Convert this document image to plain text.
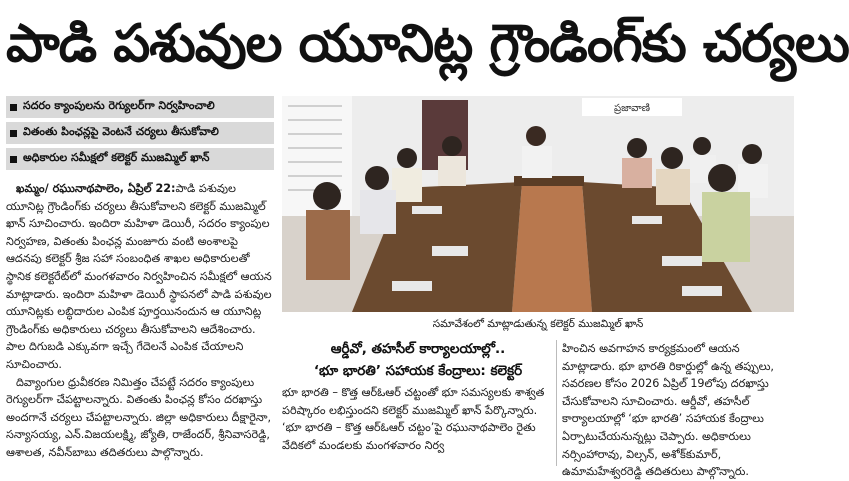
పాడి పశువుల యూనిట్ల గ్రౌండింగ్‌కు చర్యలు
సదరం క్యాంపులను రెగ్యులర్‌గా నిర్వహించాలి
వితంతు పింఛన్లపై వెంటనే చర్యలు తీసుకోవాలి
అధికారుల సమీక్షలో కలెక్టర్ ముజమ్మిల్ ఖాన్

ఖమ్మం/ రఘునాథపాలెం, ఏప్రిల్ 22:పాడి పశువుల యూనిట్ల గ్రౌండింగ్‌కు చర్యలు తీసుకోవాలని కలెక్టర్ ముజమ్మిల్ ఖాన్ సూచించారు. ఇందిరా మహిళా డెయిరీ, సదరం క్యాంపుల నిర్వహణ, వితంతు పింఛన్ల మంజూరు వంటి అంశాలపై ఆదనపు కలెక్టర్ శ్రీజ సహా సంబంధిత శాఖల అధికారులతో స్థానిక కలెక్టరేట్‌లో మంగళవారం నిర్వహించిన సమీక్షలో ఆయన మాట్లాడారు. ఇందిరా మహిళా డెయిరీ స్థాపనలో పాడి పశువుల యూనిట్లకు లబ్ధిదారుల ఎంపిక పూర్తయినందున ఆ యూనిట్ల గ్రౌండింగ్‌కు అధికారులు చర్యలు తీసుకోవాలని ఆదేశించారు. పాల దిగుబడి ఎక్కువగా ఇచ్చే గేదెలనే ఎంపిక చేయాలని సూచించారు.

దివ్యాంగుల ధ్రువీకరణ నిమిత్తం చేపట్టే సదరం క్యాంపులు రెగ్యులర్‌గా చేపట్టాలన్నారు. వితంతు పింఛన్ల కోసం దరఖాస్తు అందగానే చర్యలు చేపట్టాలన్నారు. జిల్లా అధికారులు దీక్షారైనా, సన్యాసయ్య, ఎన్.విజయలక్ష్మి, జ్యోతి, రాజేందర్, శ్రీనివాసరెడ్డి, ఆశాలత, నవీన్‌బాబు తదితరులు పాల్గొన్నారు.

ప్రజావాణి
సమావేశంలో మాట్లాడుతున్న కలెక్టర్ ముజమ్మిల్ ఖాన్
ఆర్డీవో, తహసీల్ కార్యాలయాల్లో..
‘భూ భారతి’ సహాయక కేంద్రాలు: కలెక్టర్
భూ భారతి – కొత్త ఆర్‌ఓఆర్ చట్టంతో భూ సమస్యలకు శాశ్వత పరిష్కారం లభిస్తుందని కలెక్టర్ ముజమ్మిల్ ఖాన్ పేర్కొన్నారు. ‘భూ భారతి – కొత్త ఆర్‌ఓఆర్ చట్టం’పై రఘునాథపాలెం రైతు వేదికలో మండలకు మంగళవారం నిర్వ
హించిన అవగాహన కార్యక్రమంలో ఆయన మాట్లాడారు. భూ భారతి రికార్డుల్లో ఉన్న తప్పులు, సవరణల కోసం 2026 ఏప్రిల్ 19లోపు దరఖాస్తు చేసుకోవాలని సూచించారు. ఆర్డీవో, తహసీల్ కార్యాలయాల్లో ‘భూ భారతి’ సహాయక కేంద్రాలు ఏర్పాటుచేయనున్నట్లు చెప్పారు. అధికారులు నర్సింహారావు, విల్సన్, అశోక్‌కుమార్, ఉమామహేశ్వరరెడ్డి తదితరులు పాల్గొన్నారు.
